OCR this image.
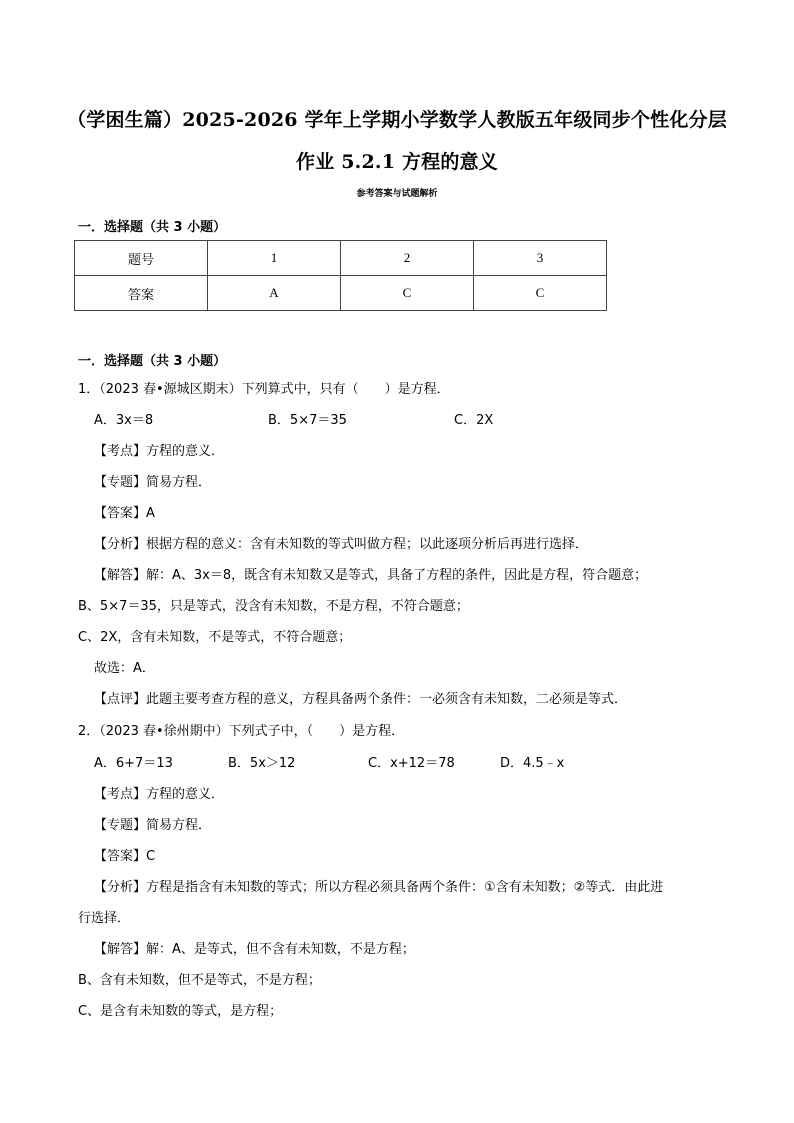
（学困生篇）2025-2026 学年上学期小学数学人教版五年级同步个性化分层作业 5.2.1 方程的意义

参考答案与试题解析

一．选择题（共 3 小题）

题号	1	2	3
答案	A	C	C

一．选择题（共 3 小题）

1．（2023 春•源城区期末）下列算式中，只有（　　）是方程．

A．3x＝8	B．5×7＝35	C．2X

【考点】方程的意义．

【专题】简易方程．

【答案】A

【分析】根据方程的意义：含有未知数的等式叫做方程；以此逐项分析后再进行选择．

【解答】解：A、3x＝8，既含有未知数又是等式，具备了方程的条件，因此是方程，符合题意；

B、5×7＝35，只是等式，没含有未知数，不是方程，不符合题意；

C、2X，含有未知数，不是等式，不符合题意；

故选：A．

【点评】此题主要考查方程的意义，方程具备两个条件：一必须含有未知数，二必须是等式．

2．（2023 春•徐州期中）下列式子中，（　　）是方程．

A．6+7＝13	B．5x＞12	C．x+12＝78	D．4.5﹣x

【考点】方程的意义．

【专题】简易方程．

【答案】C

【分析】方程是指含有未知数的等式；所以方程必须具备两个条件：①含有未知数；②等式．由此进

行选择．

【解答】解：A、是等式，但不含有未知数，不是方程；

B、含有未知数，但不是等式，不是方程；

C、是含有未知数的等式，是方程；
